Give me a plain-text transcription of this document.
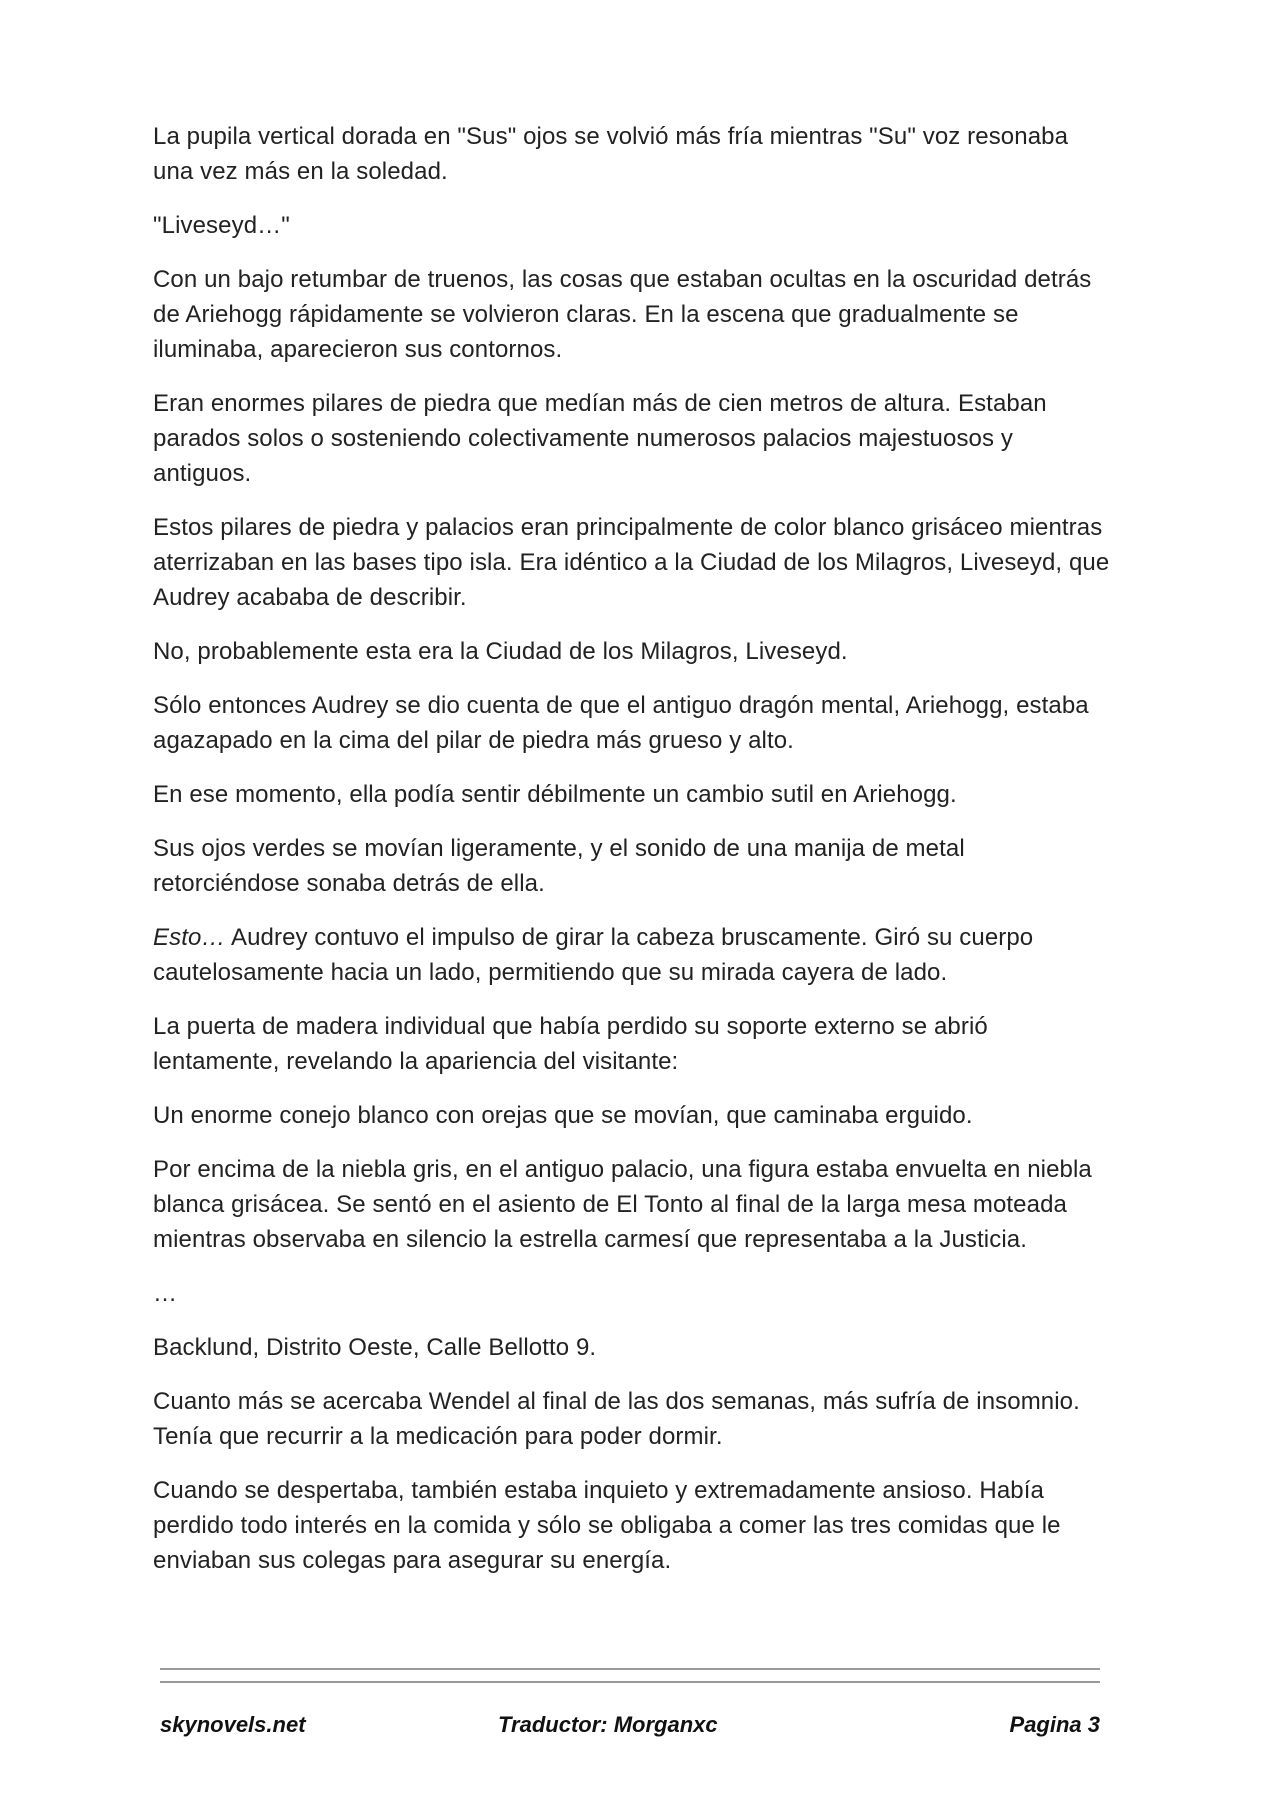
La pupila vertical dorada en "Sus" ojos se volvió más fría mientras "Su" voz resonaba una vez más en la soledad.

"Liveseyd…"

Con un bajo retumbar de truenos, las cosas que estaban ocultas en la oscuridad detrás de Ariehogg rápidamente se volvieron claras. En la escena que gradualmente se iluminaba, aparecieron sus contornos.

Eran enormes pilares de piedra que medían más de cien metros de altura. Estaban parados solos o sosteniendo colectivamente numerosos palacios majestuosos y antiguos.

Estos pilares de piedra y palacios eran principalmente de color blanco grisáceo mientras aterrizaban en las bases tipo isla. Era idéntico a la Ciudad de los Milagros, Liveseyd, que Audrey acababa de describir.

No, probablemente esta era la Ciudad de los Milagros, Liveseyd.

Sólo entonces Audrey se dio cuenta de que el antiguo dragón mental, Ariehogg, estaba agazapado en la cima del pilar de piedra más grueso y alto.

En ese momento, ella podía sentir débilmente un cambio sutil en Ariehogg.

Sus ojos verdes se movían ligeramente, y el sonido de una manija de metal retorciéndose sonaba detrás de ella.

Esto… Audrey contuvo el impulso de girar la cabeza bruscamente. Giró su cuerpo cautelosamente hacia un lado, permitiendo que su mirada cayera de lado.

La puerta de madera individual que había perdido su soporte externo se abrió lentamente, revelando la apariencia del visitante:

Un enorme conejo blanco con orejas que se movían, que caminaba erguido.

Por encima de la niebla gris, en el antiguo palacio, una figura estaba envuelta en niebla blanca grisácea. Se sentó en el asiento de El Tonto al final de la larga mesa moteada mientras observaba en silencio la estrella carmesí que representaba a la Justicia.

…

Backlund, Distrito Oeste, Calle Bellotto 9.

Cuanto más se acercaba Wendel al final de las dos semanas, más sufría de insomnio. Tenía que recurrir a la medicación para poder dormir.

Cuando se despertaba, también estaba inquieto y extremadamente ansioso. Había perdido todo interés en la comida y sólo se obligaba a comer las tres comidas que le enviaban sus colegas para asegurar su energía.

skynovels.net	Traductor: Morganxc	Pagina 3
